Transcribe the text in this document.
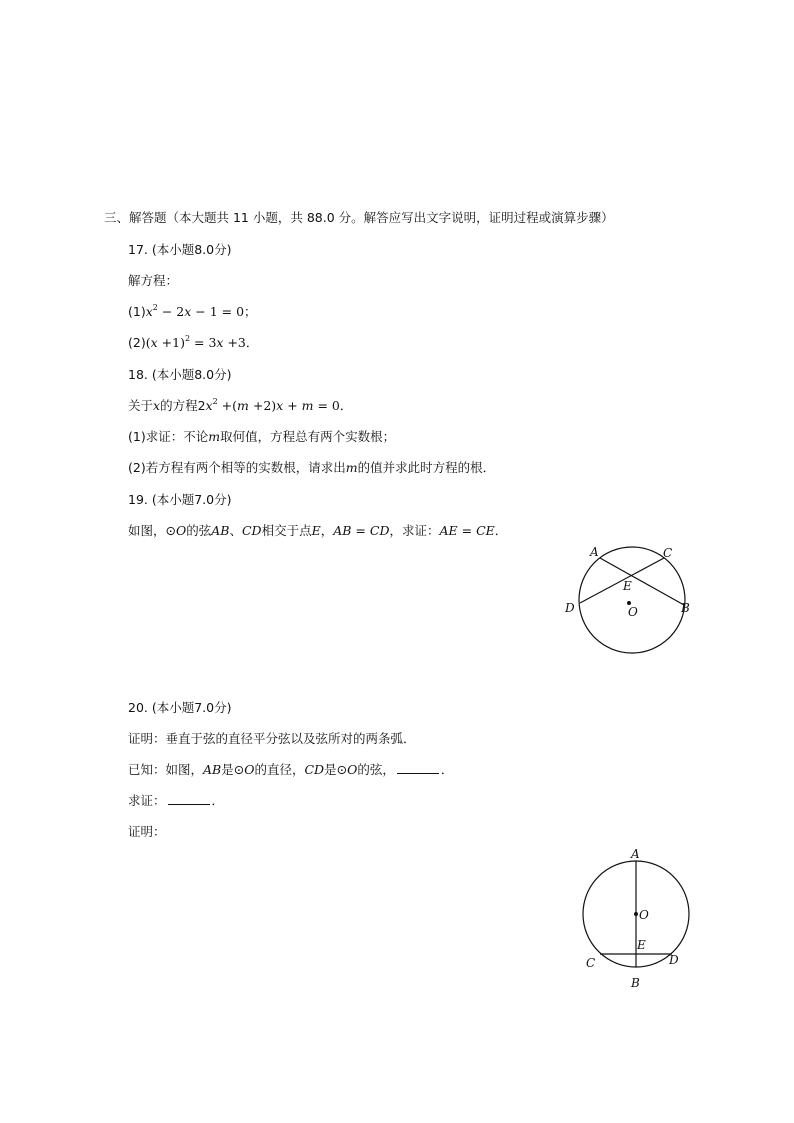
三、解答题（本大题共 11 小题，共 88.0 分。解答应写出文字说明，证明过程或演算步骤）
17. (本小题8.0分)
解方程：
$(1)x^2 - 2x - 1 = 0$；
$(2)(x +1)^2 = 3x +3$．
18. (本小题8.0分)
关于x的方程$2x^2 +(m +2)x + m = 0$．
(1)求证：不论m取何值，方程总有两个实数根；
(2)若方程有两个相等的实数根，请求出m的值并求此时方程的根．
19. (本小题7.0分)
如图，⊙O的弦AB、CD相交于点E，AB = CD，求证：AE = CE．
A	C
E
D	O	B
20. (本小题7.0分)
证明：垂直于弦的直径平分弦以及弦所对的两条弧．
已知：如图，AB是⊙O的直径，CD是⊙O的弦，	．
求证：	．
证明：
A
O
E
C	D
B
